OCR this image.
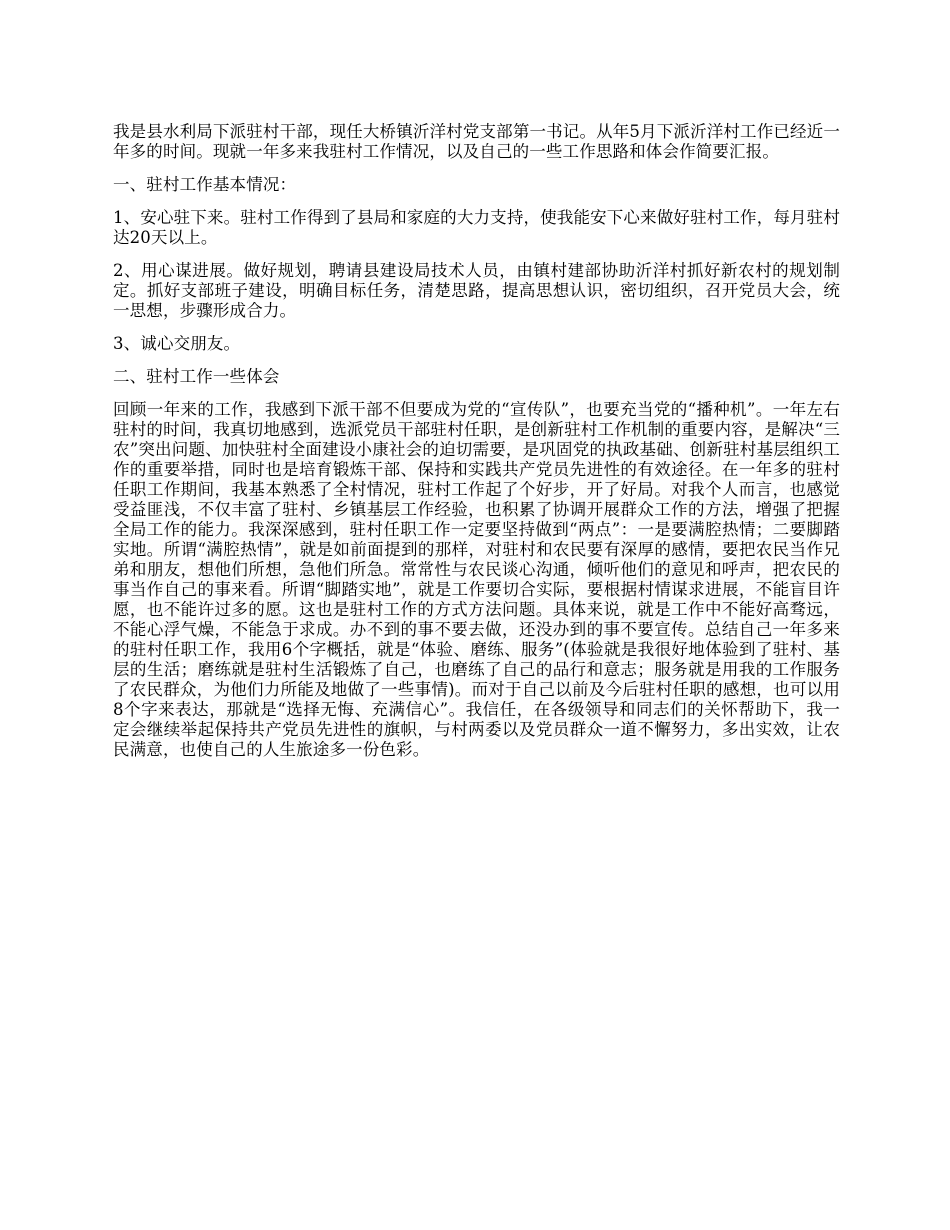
我是县水利局下派驻村干部，现任大桥镇沂洋村党支部第一书记。从年5月下派沂洋村工作已经近一年多的时间。现就一年多来我驻村工作情况，以及自己的一些工作思路和体会作简要汇报。

一、驻村工作基本情况：

1、安心驻下来。驻村工作得到了县局和家庭的大力支持，使我能安下心来做好驻村工作，每月驻村达20天以上。

2、用心谋进展。做好规划，聘请县建设局技术人员，由镇村建部协助沂洋村抓好新农村的规划制定。抓好支部班子建设，明确目标任务，清楚思路，提高思想认识，密切组织，召开党员大会，统一思想，步骤形成合力。

3、诚心交朋友。

二、驻村工作一些体会

回顾一年来的工作，我感到下派干部不但要成为党的“宣传队”，也要充当党的“播种机”。一年左右驻村的时间，我真切地感到，选派党员干部驻村任职，是创新驻村工作机制的重要内容，是解决“三农”突出问题、加快驻村全面建设小康社会的迫切需要，是巩固党的执政基础、创新驻村基层组织工作的重要举措，同时也是培育锻炼干部、保持和实践共产党员先进性的有效途径。在一年多的驻村任职工作期间，我基本熟悉了全村情况，驻村工作起了个好步，开了好局。对我个人而言，也感觉受益匪浅，不仅丰富了驻村、乡镇基层工作经验，也积累了协调开展群众工作的方法，增强了把握全局工作的能力。我深深感到，驻村任职工作一定要坚持做到“两点”：一是要满腔热情；二要脚踏实地。所谓“满腔热情”，就是如前面提到的那样，对驻村和农民要有深厚的感情，要把农民当作兄弟和朋友，想他们所想，急他们所急。常常性与农民谈心沟通，倾听他们的意见和呼声，把农民的事当作自己的事来看。所谓“脚踏实地”，就是工作要切合实际，要根据村情谋求进展，不能盲目许愿，也不能许过多的愿。这也是驻村工作的方式方法问题。具体来说，就是工作中不能好高骛远，不能心浮气燥，不能急于求成。办不到的事不要去做，还没办到的事不要宣传。总结自己一年多来的驻村任职工作，我用6个字概括，就是“体验、磨练、服务”(体验就是我很好地体验到了驻村、基层的生活；磨练就是驻村生活锻炼了自己，也磨练了自己的品行和意志；服务就是用我的工作服务了农民群众，为他们力所能及地做了一些事情)。而对于自己以前及今后驻村任职的感想，也可以用8个字来表达，那就是“选择无悔、充满信心”。我信任，在各级领导和同志们的关怀帮助下，我一定会继续举起保持共产党员先进性的旗帜，与村两委以及党员群众一道不懈努力，多出实效，让农民满意，也使自己的人生旅途多一份色彩。
